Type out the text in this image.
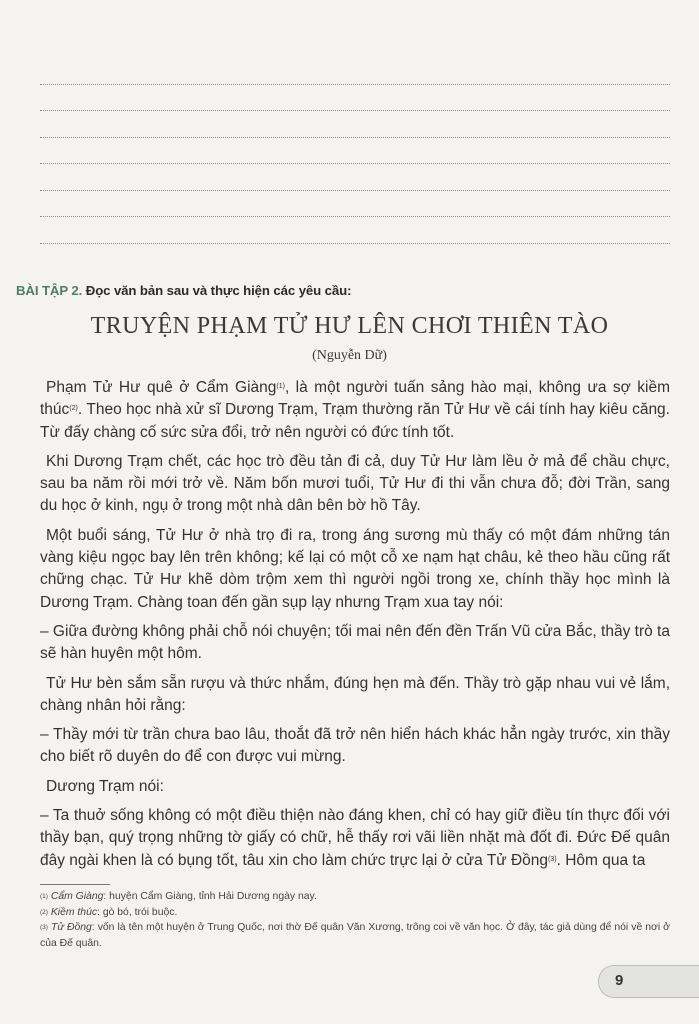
BÀI TẬP 2. Đọc văn bản sau và thực hiện các yêu cầu:
TRUYỆN PHẠM TỬ HƯ LÊN CHƠI THIÊN TÀO
(Nguyễn Dữ)

Phạm Tử Hư quê ở Cẩm Giàng$^{(1)}$, là một người tuấn sảng hào mại, không ưa sợ kiềm thúc$^{(2)}$. Theo học nhà xử sĩ Dương Trạm, Trạm thường răn Tử Hư về cái tính hay kiêu căng. Từ đấy chàng cố sức sửa đổi, trở nên người có đức tính tốt.

Khi Dương Trạm chết, các học trò đều tản đi cả, duy Tử Hư làm lều ở mả để chầu chực, sau ba năm rồi mới trở về. Năm bốn mươi tuổi, Tử Hư đi thi vẫn chưa đỗ; đời Trần, sang du học ở kinh, ngụ ở trong một nhà dân bên bờ hồ Tây.

Một buổi sáng, Tử Hư ở nhà trọ đi ra, trong áng sương mù thấy có một đám những tán vàng kiệu ngọc bay lên trên không; kế lại có một cỗ xe nạm hạt châu, kẻ theo hầu cũng rất chững chạc. Tử Hư khẽ dòm trộm xem thì người ngồi trong xe, chính thầy học mình là Dương Trạm. Chàng toan đến gần sụp lạy nhưng Trạm xua tay nói:

– Giữa đường không phải chỗ nói chuyện; tối mai nên đến đền Trấn Vũ cửa Bắc, thầy trò ta sẽ hàn huyên một hôm.

Tử Hư bèn sắm sẵn rượu và thức nhắm, đúng hẹn mà đến. Thầy trò gặp nhau vui vẻ lắm, chàng nhân hỏi rằng:

– Thầy mới từ trần chưa bao lâu, thoắt đã trở nên hiển hách khác hẳn ngày trước, xin thầy cho biết rõ duyên do để con được vui mừng.

Dương Trạm nói:

– Ta thuở sống không có một điều thiện nào đáng khen, chỉ có hay giữ điều tín thực đối với thầy bạn, quý trọng những tờ giấy có chữ, hễ thấy rơi vãi liền nhặt mà đốt đi. Đức Đế quân đây ngài khen là có bụng tốt, tâu xin cho làm chức trực lại ở cửa Tử Đồng$^{(3)}$. Hôm qua ta

$^{(1)}$ Cẩm Giàng: huyện Cẩm Giàng, tỉnh Hải Dương ngày nay.

$^{(2)}$ Kiềm thúc: gò bó, trói buộc.

$^{(3)}$ Tử Đồng: vốn là tên một huyện ở Trung Quốc, nơi thờ Đế quân Văn Xương, trông coi về văn học. Ở đây, tác giả dùng để nói về nơi ở của Đế quân.

9
